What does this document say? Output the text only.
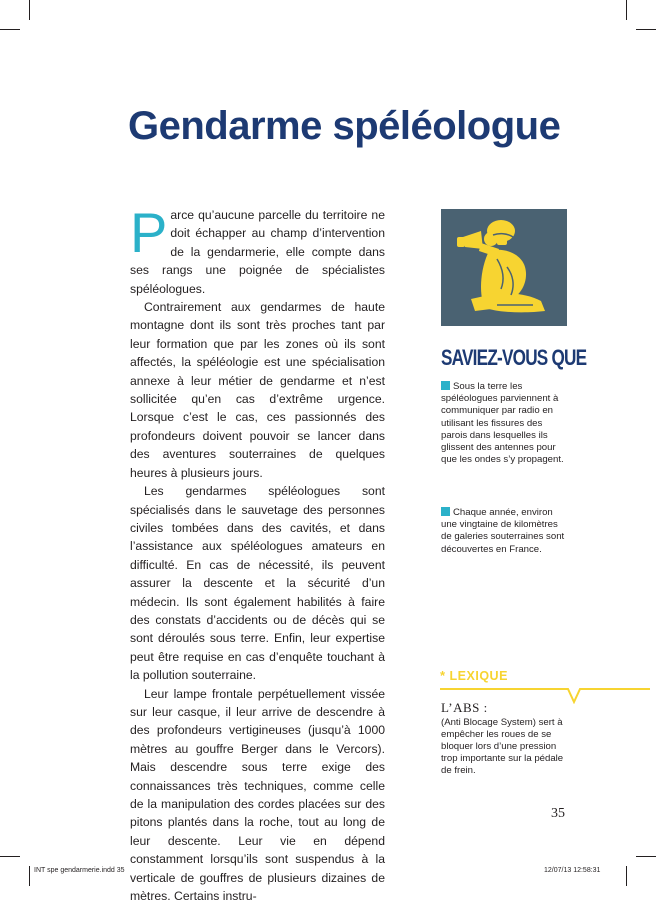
Gendarme spéléologue

Parce qu’aucune parcelle du territoire ne doit échapper au champ d’intervention de la gendarmerie, elle compte dans ses rangs une poignée de spécialistes spéléologues.

Contrairement aux gendarmes de haute montagne dont ils sont très proches tant par leur formation que par les zones où ils sont affectés, la spéléologie est une spécialisation annexe à leur métier de gendarme et n’est sollicitée qu’en cas d’extrême urgence. Lorsque c’est le cas, ces passionnés des profondeurs doivent pouvoir se lancer dans des aventures souterraines de quelques heures à plusieurs jours.

Les gendarmes spéléologues sont spécialisés dans le sauvetage des personnes civiles tombées dans des cavités, et dans l’assistance aux spéléologues amateurs en difficulté. En cas de nécessité, ils peuvent assurer la descente et la sécurité d’un médecin. Ils sont également habilités à faire des constats d’accidents ou de décès qui se sont déroulés sous terre. Enfin, leur expertise peut être requise en cas d’enquête touchant à la pollution souterraine.

Leur lampe frontale perpétuellement vissée sur leur casque, il leur arrive de descendre à des profondeurs vertigineuses (jusqu’à 1000 mètres au gouffre Berger dans le Vercors). Mais descendre sous terre exige des connaissances très techniques, comme celle de la manipulation des cordes placées sur des pitons plantés dans la roche, tout au long de leur descente. Leur vie en dépend constamment lorsqu’ils sont suspendus à la verticale de gouffres de plusieurs dizaines de mètres. Certains instru-

SAVIEZ-VOUS QUE
Sous la terre les spéléologues parviennent à communiquer par radio en utilisant les fissures des parois dans lesquelles ils glissent des antennes pour que les ondes s’y propagent.
Chaque année, environ une vingtaine de kilomètres de galeries souterraines sont découvertes en France.
* LEXIQUE
L’ABS :
(Anti Blocage System) sert à empêcher les roues de se bloquer lors d’une pression trop importante sur la pédale de frein.
35
INT spe gendarmerie.indd 35	12/07/13 12:58:31
